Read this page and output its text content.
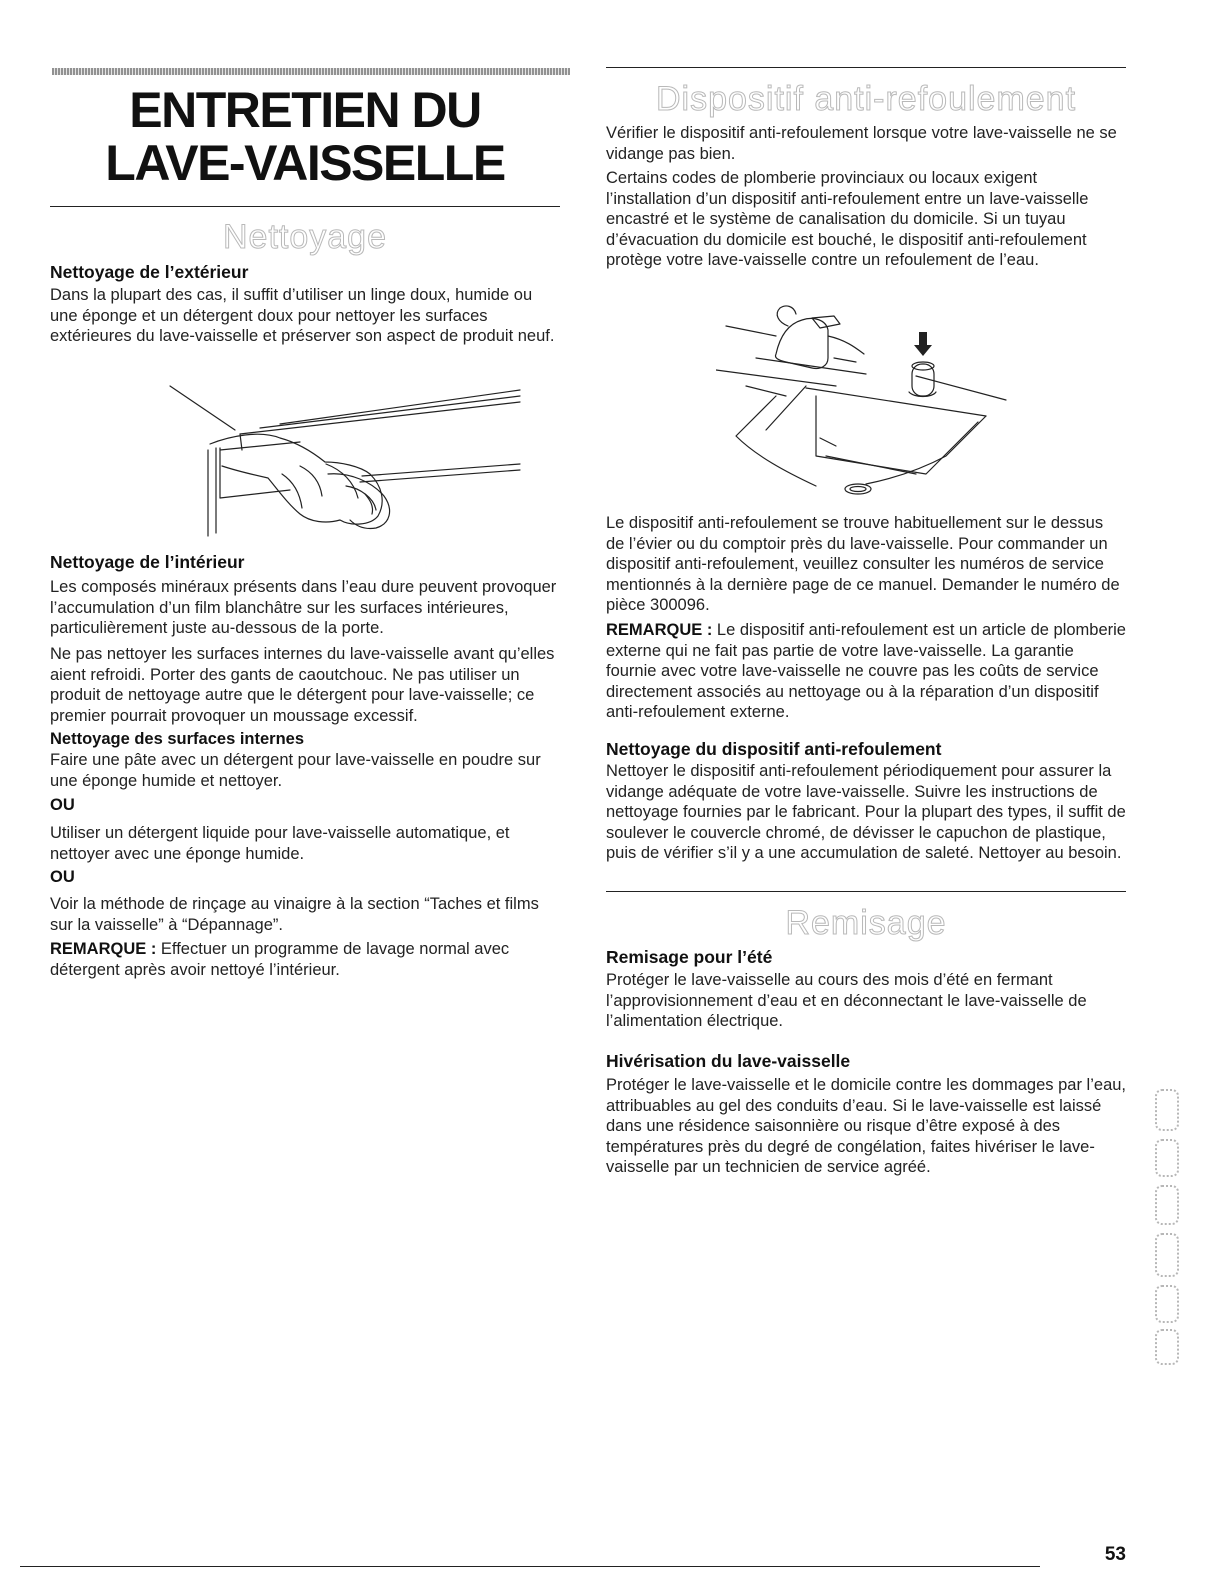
ENTRETIEN DU
LAVE-VAISSELLE
Nettoyage
Nettoyage de l’extérieur

Dans la plupart des cas, il suffit d’utiliser un linge doux, humide ou une éponge et un détergent doux pour nettoyer les surfaces extérieures du lave-vaisselle et préserver son aspect de produit neuf.

Nettoyage de l’intérieur

Les composés minéraux présents dans l’eau dure peuvent provoquer l’accumulation d’un film blanchâtre sur les surfaces intérieures, particulièrement juste au-dessous de la porte.

Ne pas nettoyer les surfaces internes du lave-vaisselle avant qu’elles aient refroidi. Porter des gants de caoutchouc. Ne pas utiliser un produit de nettoyage autre que le détergent pour lave-vaisselle; ce premier pourrait provoquer un moussage excessif.

Nettoyage des surfaces internes

Faire une pâte avec un détergent pour lave-vaisselle en poudre sur une éponge humide et nettoyer.

OU

Utiliser un détergent liquide pour lave-vaisselle automatique, et nettoyer avec une éponge humide.

OU

Voir la méthode de rinçage au vinaigre à la section “Taches et films sur la vaisselle” à “Dépannage”.

REMARQUE : Effectuer un programme de lavage normal avec détergent après avoir nettoyé l’intérieur.

Dispositif anti-refoulement

Vérifier le dispositif anti-refoulement lorsque votre lave-vaisselle ne se vidange pas bien.

Certains codes de plomberie provinciaux ou locaux exigent l’installation d’un dispositif anti-refoulement entre un lave-vaisselle encastré et le système de canalisation du domicile. Si un tuyau d’évacuation du domicile est bouché, le dispositif anti-refoulement protège votre lave-vaisselle contre un refoulement de l’eau.

Le dispositif anti-refoulement se trouve habituellement sur le dessus de l’évier ou du comptoir près du lave-vaisselle. Pour commander un dispositif anti-refoulement, veuillez consulter les numéros de service mentionnés à la dernière page de ce manuel. Demander le numéro de pièce 300096.

REMARQUE : Le dispositif anti-refoulement est un article de plomberie externe qui ne fait pas partie de votre lave-vaisselle. La garantie fournie avec votre lave-vaisselle ne couvre pas les coûts de service directement associés au nettoyage ou à la réparation d’un dispositif anti-refoulement externe.

Nettoyage du dispositif anti-refoulement

Nettoyer le dispositif anti-refoulement périodiquement pour assurer la vidange adéquate de votre lave-vaisselle. Suivre les instructions de nettoyage fournies par le fabricant. Pour la plupart des types, il suffit de soulever le couvercle chromé, de dévisser le capuchon de plastique, puis de vérifier s’il y a une accumulation de saleté. Nettoyer au besoin.

Remisage
Remisage pour l’été

Protéger le lave-vaisselle au cours des mois d’été en fermant l’approvisionnement d’eau et en déconnectant le lave-vaisselle de l’alimentation électrique.

Hivérisation du lave-vaisselle

Protéger le lave-vaisselle et le domicile contre les dommages par l’eau, attribuables au gel des conduits d’eau. Si le lave-vaisselle est laissé dans une résidence saisonnière ou risque d’être exposé à des températures près du degré de congélation, faites hivériser le lave-vaisselle par un technicien de service agréé.

53
